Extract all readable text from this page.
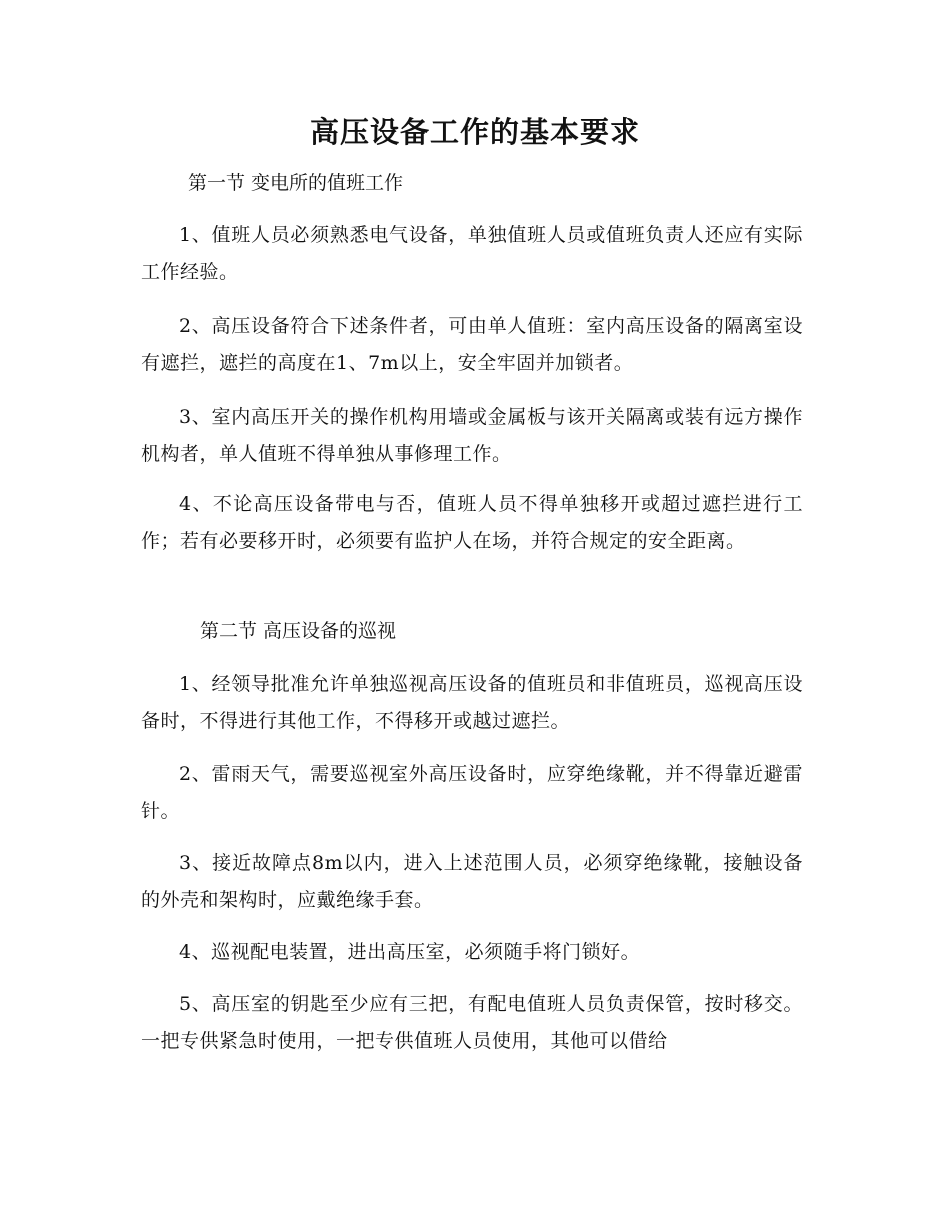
高压设备工作的基本要求
第一节 变电所的值班工作
1、值班人员必须熟悉电气设备，单独值班人员或值班负责人还应有实际工作经验。
2、高压设备符合下述条件者，可由单人值班：室内高压设备的隔离室设有遮拦，遮拦的高度在1、7m以上，安全牢固并加锁者。
3、室内高压开关的操作机构用墙或金属板与该开关隔离或装有远方操作机构者，单人值班不得单独从事修理工作。
4、不论高压设备带电与否，值班人员不得单独移开或超过遮拦进行工作；若有必要移开时，必须要有监护人在场，并符合规定的安全距离。
第二节 高压设备的巡视
1、经领导批准允许单独巡视高压设备的值班员和非值班员，巡视高压设备时，不得进行其他工作，不得移开或越过遮拦。
2、雷雨天气，需要巡视室外高压设备时，应穿绝缘靴，并不得靠近避雷针。
3、接近故障点8m以内，进入上述范围人员，必须穿绝缘靴，接触设备的外壳和架构时，应戴绝缘手套。
4、巡视配电装置，进出高压室，必须随手将门锁好。
5、高压室的钥匙至少应有三把，有配电值班人员负责保管，按时移交。一把专供紧急时使用，一把专供值班人员使用，其他可以借给
